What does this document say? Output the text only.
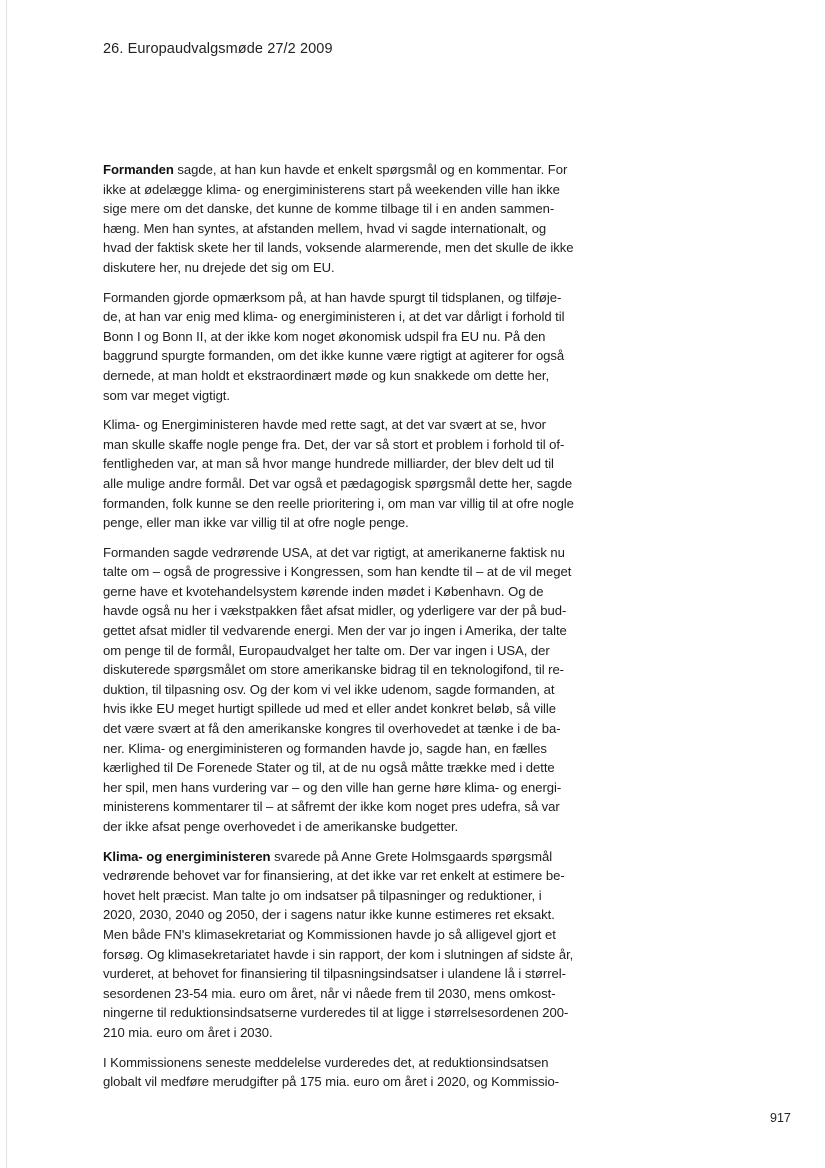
26. Europaudvalgsmøde 27/2 2009

Formanden sagde, at han kun havde et enkelt spørgsmål og en kommentar. For
ikke at ødelægge klima- og energiministerens start på weekenden ville han ikke
sige mere om det danske, det kunne de komme tilbage til i en anden sammen-
hæng. Men han syntes, at afstanden mellem, hvad vi sagde internationalt, og
hvad der faktisk skete her til lands, voksende alarmerende, men det skulle de ikke
diskutere her, nu drejede det sig om EU.

Formanden gjorde opmærksom på, at han havde spurgt til tidsplanen, og tilføje-
de, at han var enig med klima- og energiministeren i, at det var dårligt i forhold til
Bonn I og Bonn II, at der ikke kom noget økonomisk udspil fra EU nu. På den
baggrund spurgte formanden, om det ikke kunne være rigtigt at agiterer for også
dernede, at man holdt et ekstraordinært møde og kun snakkede om dette her,
som var meget vigtigt.

Klima- og Energiministeren havde med rette sagt, at det var svært at se, hvor
man skulle skaffe nogle penge fra. Det, der var så stort et problem i forhold til of-
fentligheden var, at man så hvor mange hundrede milliarder, der blev delt ud til
alle mulige andre formål. Det var også et pædagogisk spørgsmål dette her, sagde
formanden, folk kunne se den reelle prioritering i, om man var villig til at ofre nogle
penge, eller man ikke var villig til at ofre nogle penge.

Formanden sagde vedrørende USA, at det var rigtigt, at amerikanerne faktisk nu
talte om – også de progressive i Kongressen, som han kendte til – at de vil meget
gerne have et kvotehandelsystem kørende inden mødet i København. Og de
havde også nu her i vækstpakken fået afsat midler, og yderligere var der på bud-
gettet afsat midler til vedvarende energi. Men der var jo ingen i Amerika, der talte
om penge til de formål, Europaudvalget her talte om. Der var ingen i USA, der
diskuterede spørgsmålet om store amerikanske bidrag til en teknologifond, til re-
duktion, til tilpasning osv. Og der kom vi vel ikke udenom, sagde formanden, at
hvis ikke EU meget hurtigt spillede ud med et eller andet konkret beløb, så ville
det være svært at få den amerikanske kongres til overhovedet at tænke i de ba-
ner. Klima- og energiministeren og formanden havde jo, sagde han, en fælles
kærlighed til De Forenede Stater og til, at de nu også måtte trække med i dette
her spil, men hans vurdering var – og den ville han gerne høre klima- og energi-
ministerens kommentarer til – at såfremt der ikke kom noget pres udefra, så var
der ikke afsat penge overhovedet i de amerikanske budgetter.

Klima- og energiministeren svarede på Anne Grete Holmsgaards spørgsmål
vedrørende behovet var for finansiering, at det ikke var ret enkelt at estimere be-
hovet helt præcist. Man talte jo om indsatser på tilpasninger og reduktioner, i
2020, 2030, 2040 og 2050, der i sagens natur ikke kunne estimeres ret eksakt.
Men både FN's klimasekretariat og Kommissionen havde jo så alligevel gjort et
forsøg. Og klimasekretariatet havde i sin rapport, der kom i slutningen af sidste år,
vurderet, at behovet for finansiering til tilpasningsindsatser i ulandene lå i størrel-
sesordenen 23-54 mia. euro om året, når vi nåede frem til 2030, mens omkost-
ningerne til reduktionsindsatserne vurderedes til at ligge i størrelsesordenen 200-
210 mia. euro om året i 2030.

I Kommissionens seneste meddelelse vurderedes det, at reduktionsindsatsen
globalt vil medføre merudgifter på 175 mia. euro om året i 2020, og Kommissio-

917
